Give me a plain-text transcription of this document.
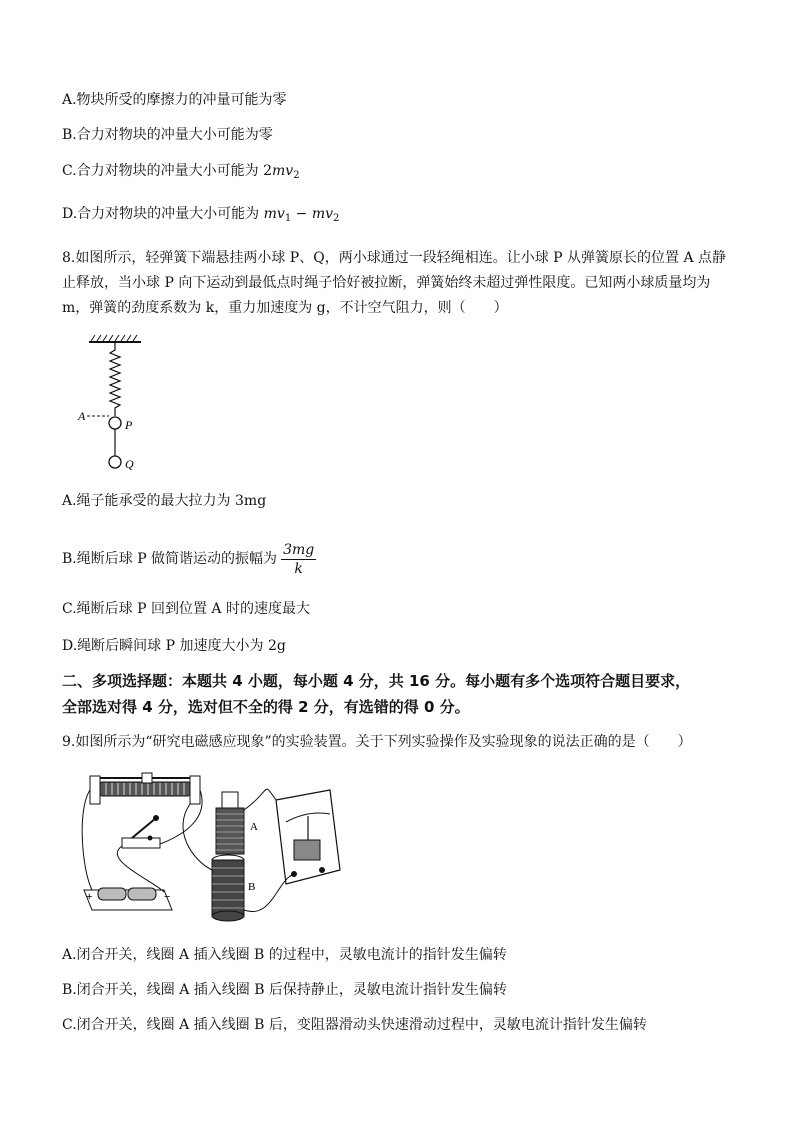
A.物块所受的摩擦力的冲量可能为零
B.合力对物块的冲量大小可能为零
C.合力对物块的冲量大小可能为 $2mv_2$
D.合力对物块的冲量大小可能为 $mv_1 - mv_2$
8.如图所示，轻弹簧下端悬挂两小球 P、Q，两小球通过一段轻绳相连。让小球 P 从弹簧原长的位置 A 点静
止释放，当小球 P 向下运动到最低点时绳子恰好被拉断，弹簧始终未超过弹性限度。已知两小球质量均为
m，弹簧的劲度系数为 k，重力加速度为 g，不计空气阻力，则（　　）
A
P
Q
A.绳子能承受的最大拉力为 3mg
B.绳断后球 P 做简谐运动的振幅为 $\frac{3mg}{k}$
C.绳断后球 P 回到位置 A 时的速度最大
D.绳断后瞬间球 P 加速度大小为 2g
二、多项选择题：本题共 4 小题，每小题 4 分，共 16 分。每小题有多个选项符合题目要求，
全部选对得 4 分，选对但不全的得 2 分，有选错的得 0 分。
9.如图所示为“研究电磁感应现象”的实验装置。关于下列实验操作及实验现象的说法正确的是（　　）
+	−
A
B
A.闭合开关，线圈 A 插入线圈 B 的过程中，灵敏电流计的指针发生偏转
B.闭合开关，线圈 A 插入线圈 B 后保持静止，灵敏电流计指针发生偏转
C.闭合开关，线圈 A 插入线圈 B 后，变阻器滑动头快速滑动过程中，灵敏电流计指针发生偏转
